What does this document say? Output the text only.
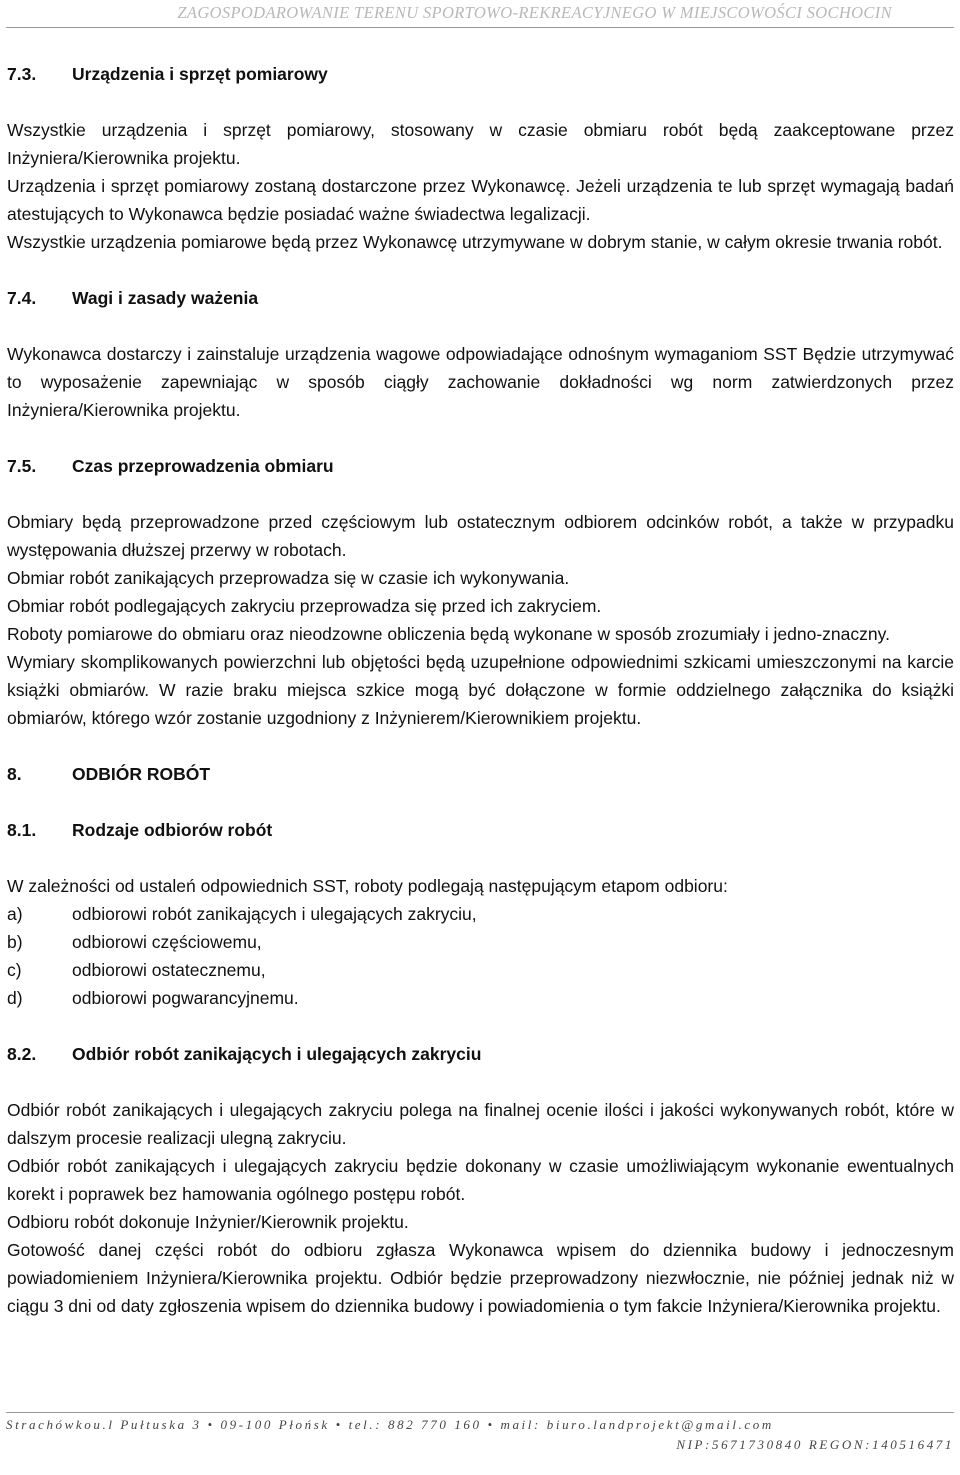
ZAGOSPODAROWANIE TERENU SPORTOWO-REKREACYJNEGO W MIEJSCOWOŚCI SOCHOCIN
7.3.	Urządzenia i sprzęt pomiarowy

Wszystkie urządzenia i sprzęt pomiarowy, stosowany w czasie obmiaru robót będą zaakceptowane przez Inżyniera/Kierownika projektu.

Urządzenia i sprzęt pomiarowy zostaną dostarczone przez Wykonawcę. Jeżeli urządzenia te lub sprzęt wymagają badań atestujących to Wykonawca będzie posiadać ważne świadectwa legalizacji.

Wszystkie urządzenia pomiarowe będą przez Wykonawcę utrzymywane w dobrym stanie, w całym okresie trwania robót.

7.4.	Wagi i zasady ważenia

Wykonawca dostarczy i zainstaluje urządzenia wagowe odpowiadające odnośnym wymaganiom SST Będzie utrzymywać to wyposażenie zapewniając w sposób ciągły zachowanie dokładności wg norm zatwierdzonych przez Inżyniera/Kierownika projektu.

7.5.	Czas przeprowadzenia obmiaru

Obmiary będą przeprowadzone przed częściowym lub ostatecznym odbiorem odcinków robót, a także w przypadku występowania dłuższej przerwy w robotach.

Obmiar robót zanikających przeprowadza się w czasie ich wykonywania.

Obmiar robót podlegających zakryciu przeprowadza się przed ich zakryciem.

Roboty pomiarowe do obmiaru oraz nieodzowne obliczenia będą wykonane w sposób zrozumiały i jedno-znaczny.

Wymiary skomplikowanych powierzchni lub objętości będą uzupełnione odpowiednimi szkicami umieszczonymi na karcie książki obmiarów. W razie braku miejsca szkice mogą być dołączone w formie oddzielnego załącznika do książki obmiarów, którego wzór zostanie uzgodniony z Inżynierem/Kierownikiem projektu.

8.	ODBIÓR ROBÓT
8.1.	Rodzaje odbiorów robót

W zależności od ustaleń odpowiednich SST, roboty podlegają następującym etapom odbioru:

a)	odbiorowi robót zanikających i ulegających zakryciu,
b)	odbiorowi częściowemu,
c)	odbiorowi ostatecznemu,
d)	odbiorowi pogwarancyjnemu.
8.2.	Odbiór robót zanikających i ulegających zakryciu

Odbiór robót zanikających i ulegających zakryciu polega na finalnej ocenie ilości i jakości wykonywanych robót, które w dalszym procesie realizacji ulegną zakryciu.

Odbiór robót zanikających i ulegających zakryciu będzie dokonany w czasie umożliwiającym wykonanie ewentualnych korekt i poprawek bez hamowania ogólnego postępu robót.

Odbioru robót dokonuje Inżynier/Kierownik projektu.

Gotowość danej części robót do odbioru zgłasza Wykonawca wpisem do dziennika budowy i jednoczesnym powiadomieniem Inżyniera/Kierownika projektu. Odbiór będzie przeprowadzony niezwłocznie, nie później jednak niż w ciągu 3 dni od daty zgłoszenia wpisem do dziennika budowy i powiadomienia o tym fakcie Inżyniera/Kierownika projektu.

Strachówkou.l Pułtuska 3 • 09-100 Płońsk • tel.: 882 770 160 • mail: biuro.landprojekt@gmail.com
NIP:5671730840 REGON:140516471
